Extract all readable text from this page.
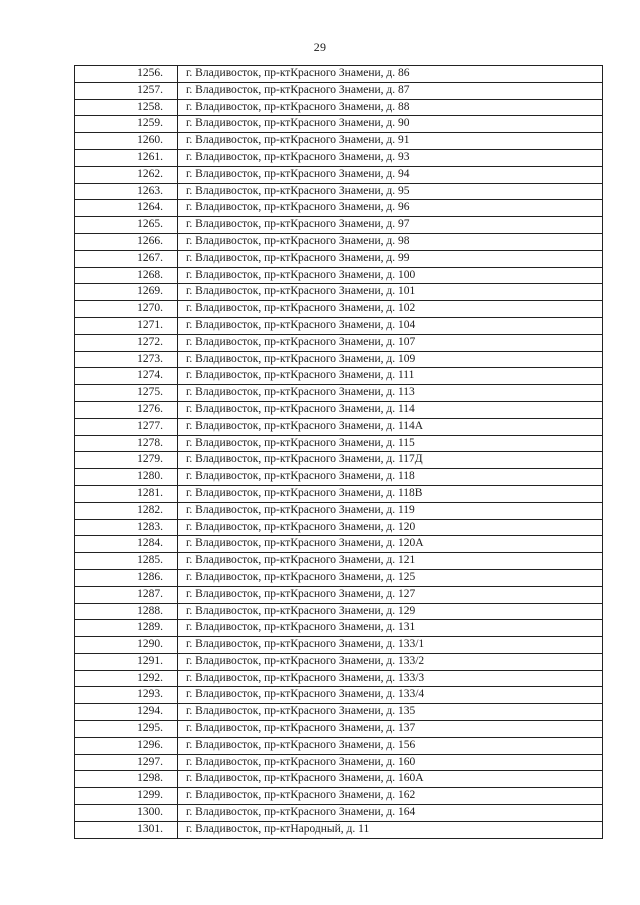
29
1256.	г. Владивосток, пр-ктКрасного Знамени, д. 86
1257.	г. Владивосток, пр-ктКрасного Знамени, д. 87
1258.	г. Владивосток, пр-ктКрасного Знамени, д. 88
1259.	г. Владивосток, пр-ктКрасного Знамени, д. 90
1260.	г. Владивосток, пр-ктКрасного Знамени, д. 91
1261.	г. Владивосток, пр-ктКрасного Знамени, д. 93
1262.	г. Владивосток, пр-ктКрасного Знамени, д. 94
1263.	г. Владивосток, пр-ктКрасного Знамени, д. 95
1264.	г. Владивосток, пр-ктКрасного Знамени, д. 96
1265.	г. Владивосток, пр-ктКрасного Знамени, д. 97
1266.	г. Владивосток, пр-ктКрасного Знамени, д. 98
1267.	г. Владивосток, пр-ктКрасного Знамени, д. 99
1268.	г. Владивосток, пр-ктКрасного Знамени, д. 100
1269.	г. Владивосток, пр-ктКрасного Знамени, д. 101
1270.	г. Владивосток, пр-ктКрасного Знамени, д. 102
1271.	г. Владивосток, пр-ктКрасного Знамени, д. 104
1272.	г. Владивосток, пр-ктКрасного Знамени, д. 107
1273.	г. Владивосток, пр-ктКрасного Знамени, д. 109
1274.	г. Владивосток, пр-ктКрасного Знамени, д. 111
1275.	г. Владивосток, пр-ктКрасного Знамени, д. 113
1276.	г. Владивосток, пр-ктКрасного Знамени, д. 114
1277.	г. Владивосток, пр-ктКрасного Знамени, д. 114А
1278.	г. Владивосток, пр-ктКрасного Знамени, д. 115
1279.	г. Владивосток, пр-ктКрасного Знамени, д. 117Д
1280.	г. Владивосток, пр-ктКрасного Знамени, д. 118
1281.	г. Владивосток, пр-ктКрасного Знамени, д. 118В
1282.	г. Владивосток, пр-ктКрасного Знамени, д. 119
1283.	г. Владивосток, пр-ктКрасного Знамени, д. 120
1284.	г. Владивосток, пр-ктКрасного Знамени, д. 120А
1285.	г. Владивосток, пр-ктКрасного Знамени, д. 121
1286.	г. Владивосток, пр-ктКрасного Знамени, д. 125
1287.	г. Владивосток, пр-ктКрасного Знамени, д. 127
1288.	г. Владивосток, пр-ктКрасного Знамени, д. 129
1289.	г. Владивосток, пр-ктКрасного Знамени, д. 131
1290.	г. Владивосток, пр-ктКрасного Знамени, д. 133/1
1291.	г. Владивосток, пр-ктКрасного Знамени, д. 133/2
1292.	г. Владивосток, пр-ктКрасного Знамени, д. 133/3
1293.	г. Владивосток, пр-ктКрасного Знамени, д. 133/4
1294.	г. Владивосток, пр-ктКрасного Знамени, д. 135
1295.	г. Владивосток, пр-ктКрасного Знамени, д. 137
1296.	г. Владивосток, пр-ктКрасного Знамени, д. 156
1297.	г. Владивосток, пр-ктКрасного Знамени, д. 160
1298.	г. Владивосток, пр-ктКрасного Знамени, д. 160А
1299.	г. Владивосток, пр-ктКрасного Знамени, д. 162
1300.	г. Владивосток, пр-ктКрасного Знамени, д. 164
1301.	г. Владивосток, пр-ктНародный, д. 11
